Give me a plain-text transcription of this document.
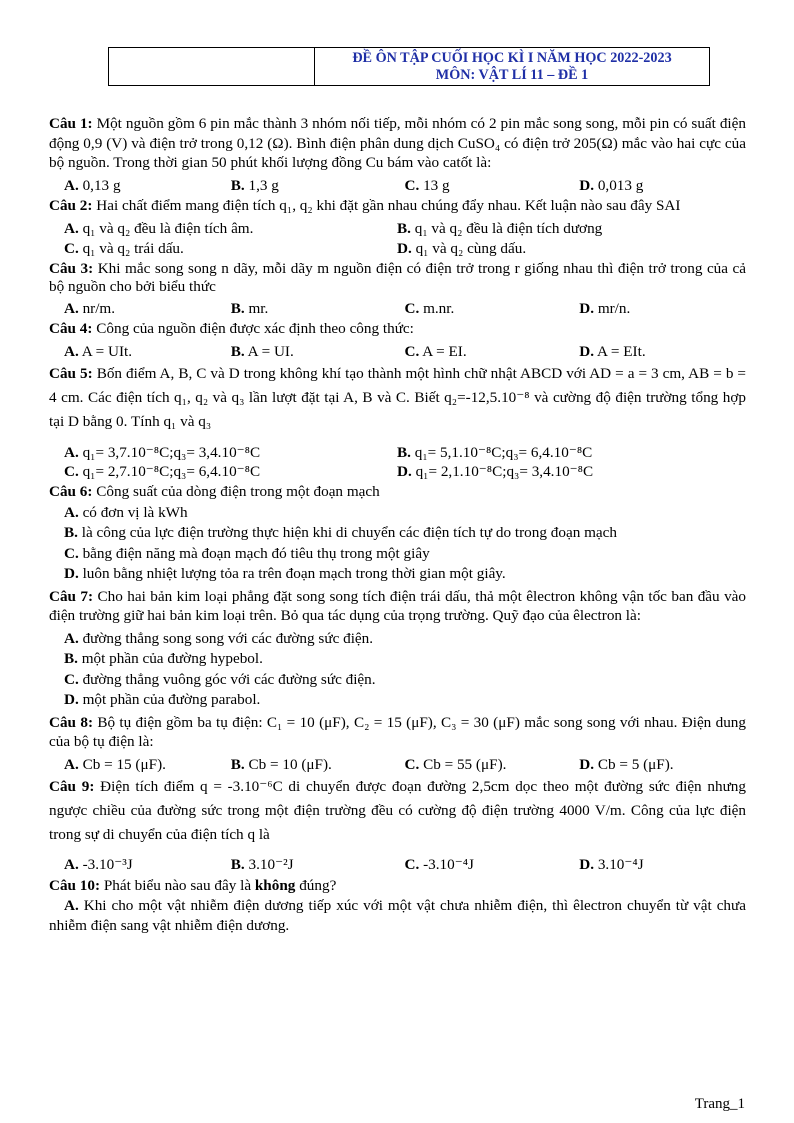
ĐỀ ÔN TẬP CUỐI HỌC KÌ I NĂM HỌC 2022-2023
MÔN: VẬT LÍ 11 – ĐỀ 1
Câu 1: Một nguồn gồm 6 pin mắc thành 3 nhóm nối tiếp, mỗi nhóm có 2 pin mắc song song, mỗi pin có suất điện động 0,9 (V) và điện trở trong 0,12 (Ω). Bình điện phân dung dịch CuSO₄ có điện trở 205(Ω) mắc vào hai cực của bộ nguồn. Trong thời gian 50 phút khối lượng đồng Cu bám vào catốt là:
A. 0,13 g	B. 1,3 g	C. 13 g	D. 0,013 g
Câu 2: Hai chất điểm mang điện tích q₁, q₂ khi đặt gần nhau chúng đẩy nhau. Kết luận nào sau đây SAI
A. q₁ và q₂ đều là điện tích âm.	B. q₁ và q₂ đều là điện tích dương
C. q₁ và q₂ trái dấu.	D. q₁ và q₂ cùng dấu.
Câu 3: Khi mắc song song n dãy, mỗi dãy m nguồn điện có điện trở trong r giống nhau thì điện trở trong của cả bộ nguồn cho bởi biểu thức
A. nr/m.	B. mr.	C. m.nr.	D. mr/n.
Câu 4: Công của nguồn điện được xác định theo công thức:
A. A = UIt.	B. A = UI.	C. A = EI.	D. A = EIt.
Câu 5: Bốn điểm A, B, C và D trong không khí tạo thành một hình chữ nhật ABCD với AD = a = 3 cm, AB = b = 4 cm. Các điện tích q₁, q₂ và q₃ lần lượt đặt tại A, B và C. Biết q₂=-12,5.10⁻⁸ và cường độ điện trường tổng hợp tại D bằng 0. Tính q₁ và q₃
A. q₁= 3,7.10⁻⁸C;q₃= 3,4.10⁻⁸C	B. q₁= 5,1.10⁻⁸C;q₃= 6,4.10⁻⁸C
C. q₁= 2,7.10⁻⁸C;q₃= 6,4.10⁻⁸C	D. q₁= 2,1.10⁻⁸C;q₃= 3,4.10⁻⁸C
Câu 6: Công suất của dòng điện trong một đoạn mạch
A. có đơn vị là kWh
B. là công của lực điện trường thực hiện khi di chuyển các điện tích tự do trong đoạn mạch
C. bằng điện năng mà đoạn mạch đó tiêu thụ trong một giây
D. luôn bằng nhiệt lượng tỏa ra trên đoạn mạch trong thời gian một giây.
Câu 7: Cho hai bản kim loại phẳng đặt song song tích điện trái dấu, thả một êlectron không vận tốc ban đầu vào điện trường giữ hai bản kim loại trên. Bỏ qua tác dụng của trọng trường. Quỹ đạo của êlectron là:
A. đường thẳng song song với các đường sức điện.
B. một phần của đường hypebol.
C. đường thẳng vuông góc với các đường sức điện.
D. một phần của đường parabol.
Câu 8: Bộ tụ điện gồm ba tụ điện: C₁ = 10 (μF), C₂ = 15 (μF), C₃ = 30 (μF) mắc song song với nhau. Điện dung của bộ tụ điện là:
A. Cb = 15 (μF).	B. Cb = 10 (μF).	C. Cb = 55 (μF).	D. Cb = 5 (μF).
Câu 9: Điện tích điểm q = -3.10⁻⁶C di chuyển được đoạn đường 2,5cm dọc theo một đường sức điện nhưng ngược chiều của đường sức trong một điện trường đều có cường độ điện trường 4000 V/m. Công của lực điện trong sự di chuyển của điện tích q là
A. -3.10⁻³J	B. 3.10⁻²J	C. -3.10⁻⁴J	D. 3.10⁻⁴J
Câu 10: Phát biểu nào sau đây là không đúng?
A. Khi cho một vật nhiễm điện dương tiếp xúc với một vật chưa nhiễm điện, thì êlectron chuyển từ vật chưa nhiễm điện sang vật nhiễm điện dương.
Trang_1
